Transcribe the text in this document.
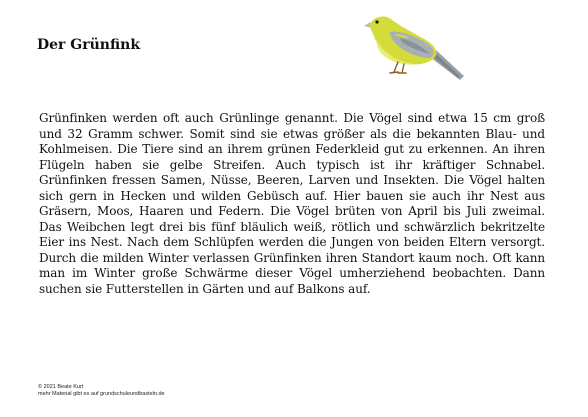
Der Grünfink

Grünfinken werden oft auch Grünlinge genannt. Die Vögel sind etwa 15 cm groß und 32 Gramm schwer. Somit sind sie etwas größer als die bekannten Blau- und Kohlmeisen. Die Tiere sind an ihrem grünen Federkleid gut zu erkennen. An ihren Flügeln haben sie gelbe Streifen. Auch typisch ist ihr kräftiger Schnabel. Grünfinken fressen Samen, Nüsse, Beeren, Larven und Insekten. Die Vögel halten sich gern in Hecken und wilden Gebüsch auf. Hier bauen sie auch ihr Nest aus Gräsern, Moos, Haaren und Federn. Die Vögel brüten von April bis Juli zweimal. Das Weibchen legt drei bis fünf bläulich weiß, rötlich und schwärzlich bekritzelte Eier ins Nest. Nach dem Schlüpfen werden die Jungen von beiden Eltern versorgt. Durch die milden Winter verlassen Grünfinken ihren Standort kaum noch. Oft kann man im Winter große Schwärme dieser Vögel umherziehend beobachten. Dann suchen sie Futterstellen in Gärten und auf Balkons auf.

© 2021 Beate Kurt
mehr Material gibt es auf grundschuleundbasteln.de
